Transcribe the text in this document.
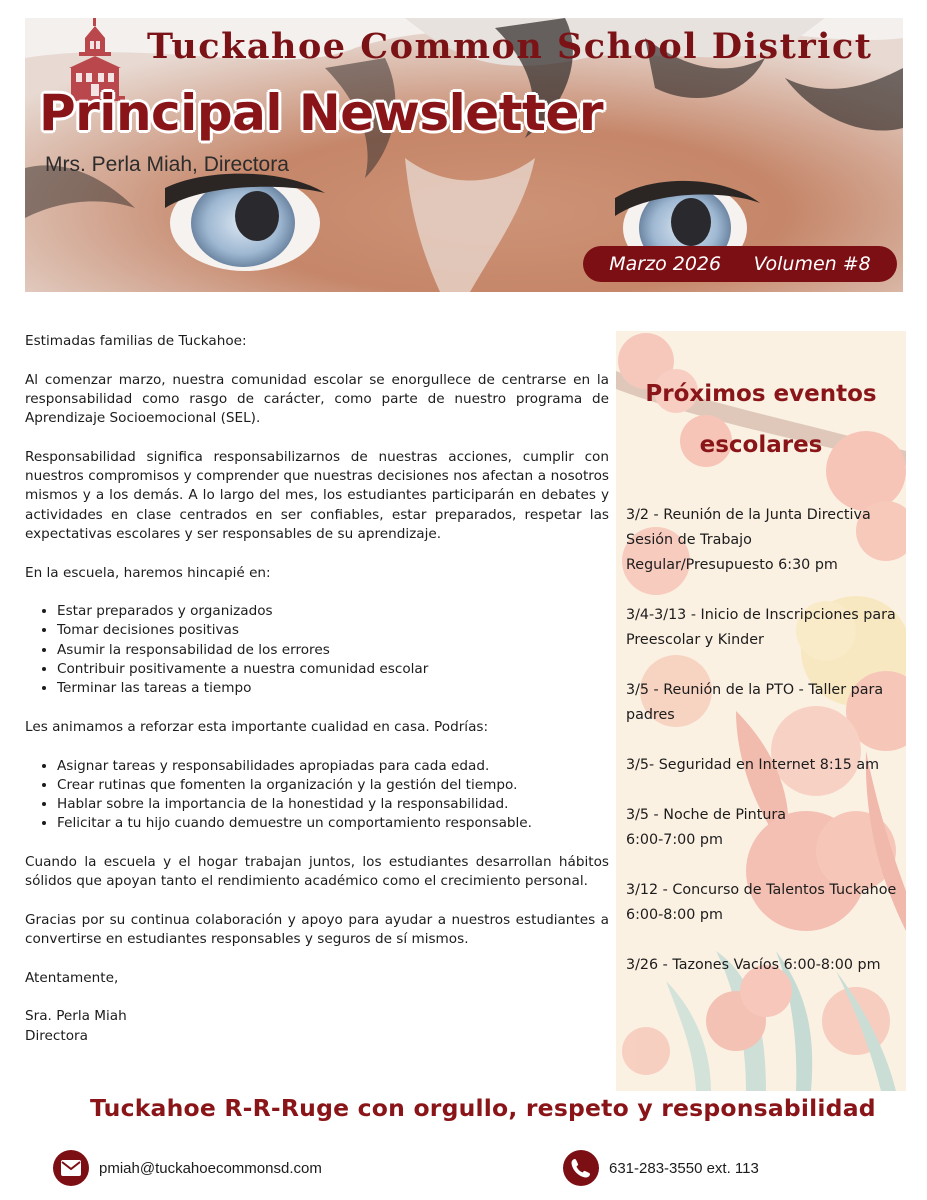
Tuckahoe Common School District
Principal Newsletter
Mrs. Perla Miah, Directora
Marzo 2026 Volumen #8

Estimadas familias de Tuckahoe:

Al comenzar marzo, nuestra comunidad escolar se enorgullece de centrarse en la responsabilidad como rasgo de carácter, como parte de nuestro programa de Aprendizaje Socioemocional (SEL).

Responsabilidad significa responsabilizarnos de nuestras acciones, cumplir con nuestros compromisos y comprender que nuestras decisiones nos afectan a nosotros mismos y a los demás. A lo largo del mes, los estudiantes participarán en debates y actividades en clase centrados en ser confiables, estar preparados, respetar las expectativas escolares y ser responsables de su aprendizaje.

En la escuela, haremos hincapié en:

• Estar preparados y organizados
• Tomar decisiones positivas
• Asumir la responsabilidad de los errores
• Contribuir positivamente a nuestra comunidad escolar
• Terminar las tareas a tiempo

Les animamos a reforzar esta importante cualidad en casa. Podrías:

• Asignar tareas y responsabilidades apropiadas para cada edad.
• Crear rutinas que fomenten la organización y la gestión del tiempo.
• Hablar sobre la importancia de la honestidad y la responsabilidad.
• Felicitar a tu hijo cuando demuestre un comportamiento responsable.

Cuando la escuela y el hogar trabajan juntos, los estudiantes desarrollan hábitos sólidos que apoyan tanto el rendimiento académico como el crecimiento personal.

Gracias por su continua colaboración y apoyo para ayudar a nuestros estudiantes a convertirse en estudiantes responsables y seguros de sí mismos.

Atentamente,

Sra. Perla Miah
Directora
Próximos eventos
escolares
3/2 - Reunión de la Junta Directiva
Sesión de Trabajo
Regular/Presupuesto 6:30 pm
3/4-3/13 - Inicio de Inscripciones para
Preescolar y Kinder
3/5 - Reunión de la PTO - Taller para
padres
3/5- Seguridad en Internet 8:15 am
3/5 - Noche de Pintura
6:00-7:00 pm
3/12 - Concurso de Talentos Tuckahoe
6:00-8:00 pm
3/26 - Tazones Vacíos 6:00-8:00 pm
Tuckahoe R-R-Ruge con orgullo, respeto y responsabilidad
pmiah@tuckahoecommonsd.com	631-283-3550 ext. 113
